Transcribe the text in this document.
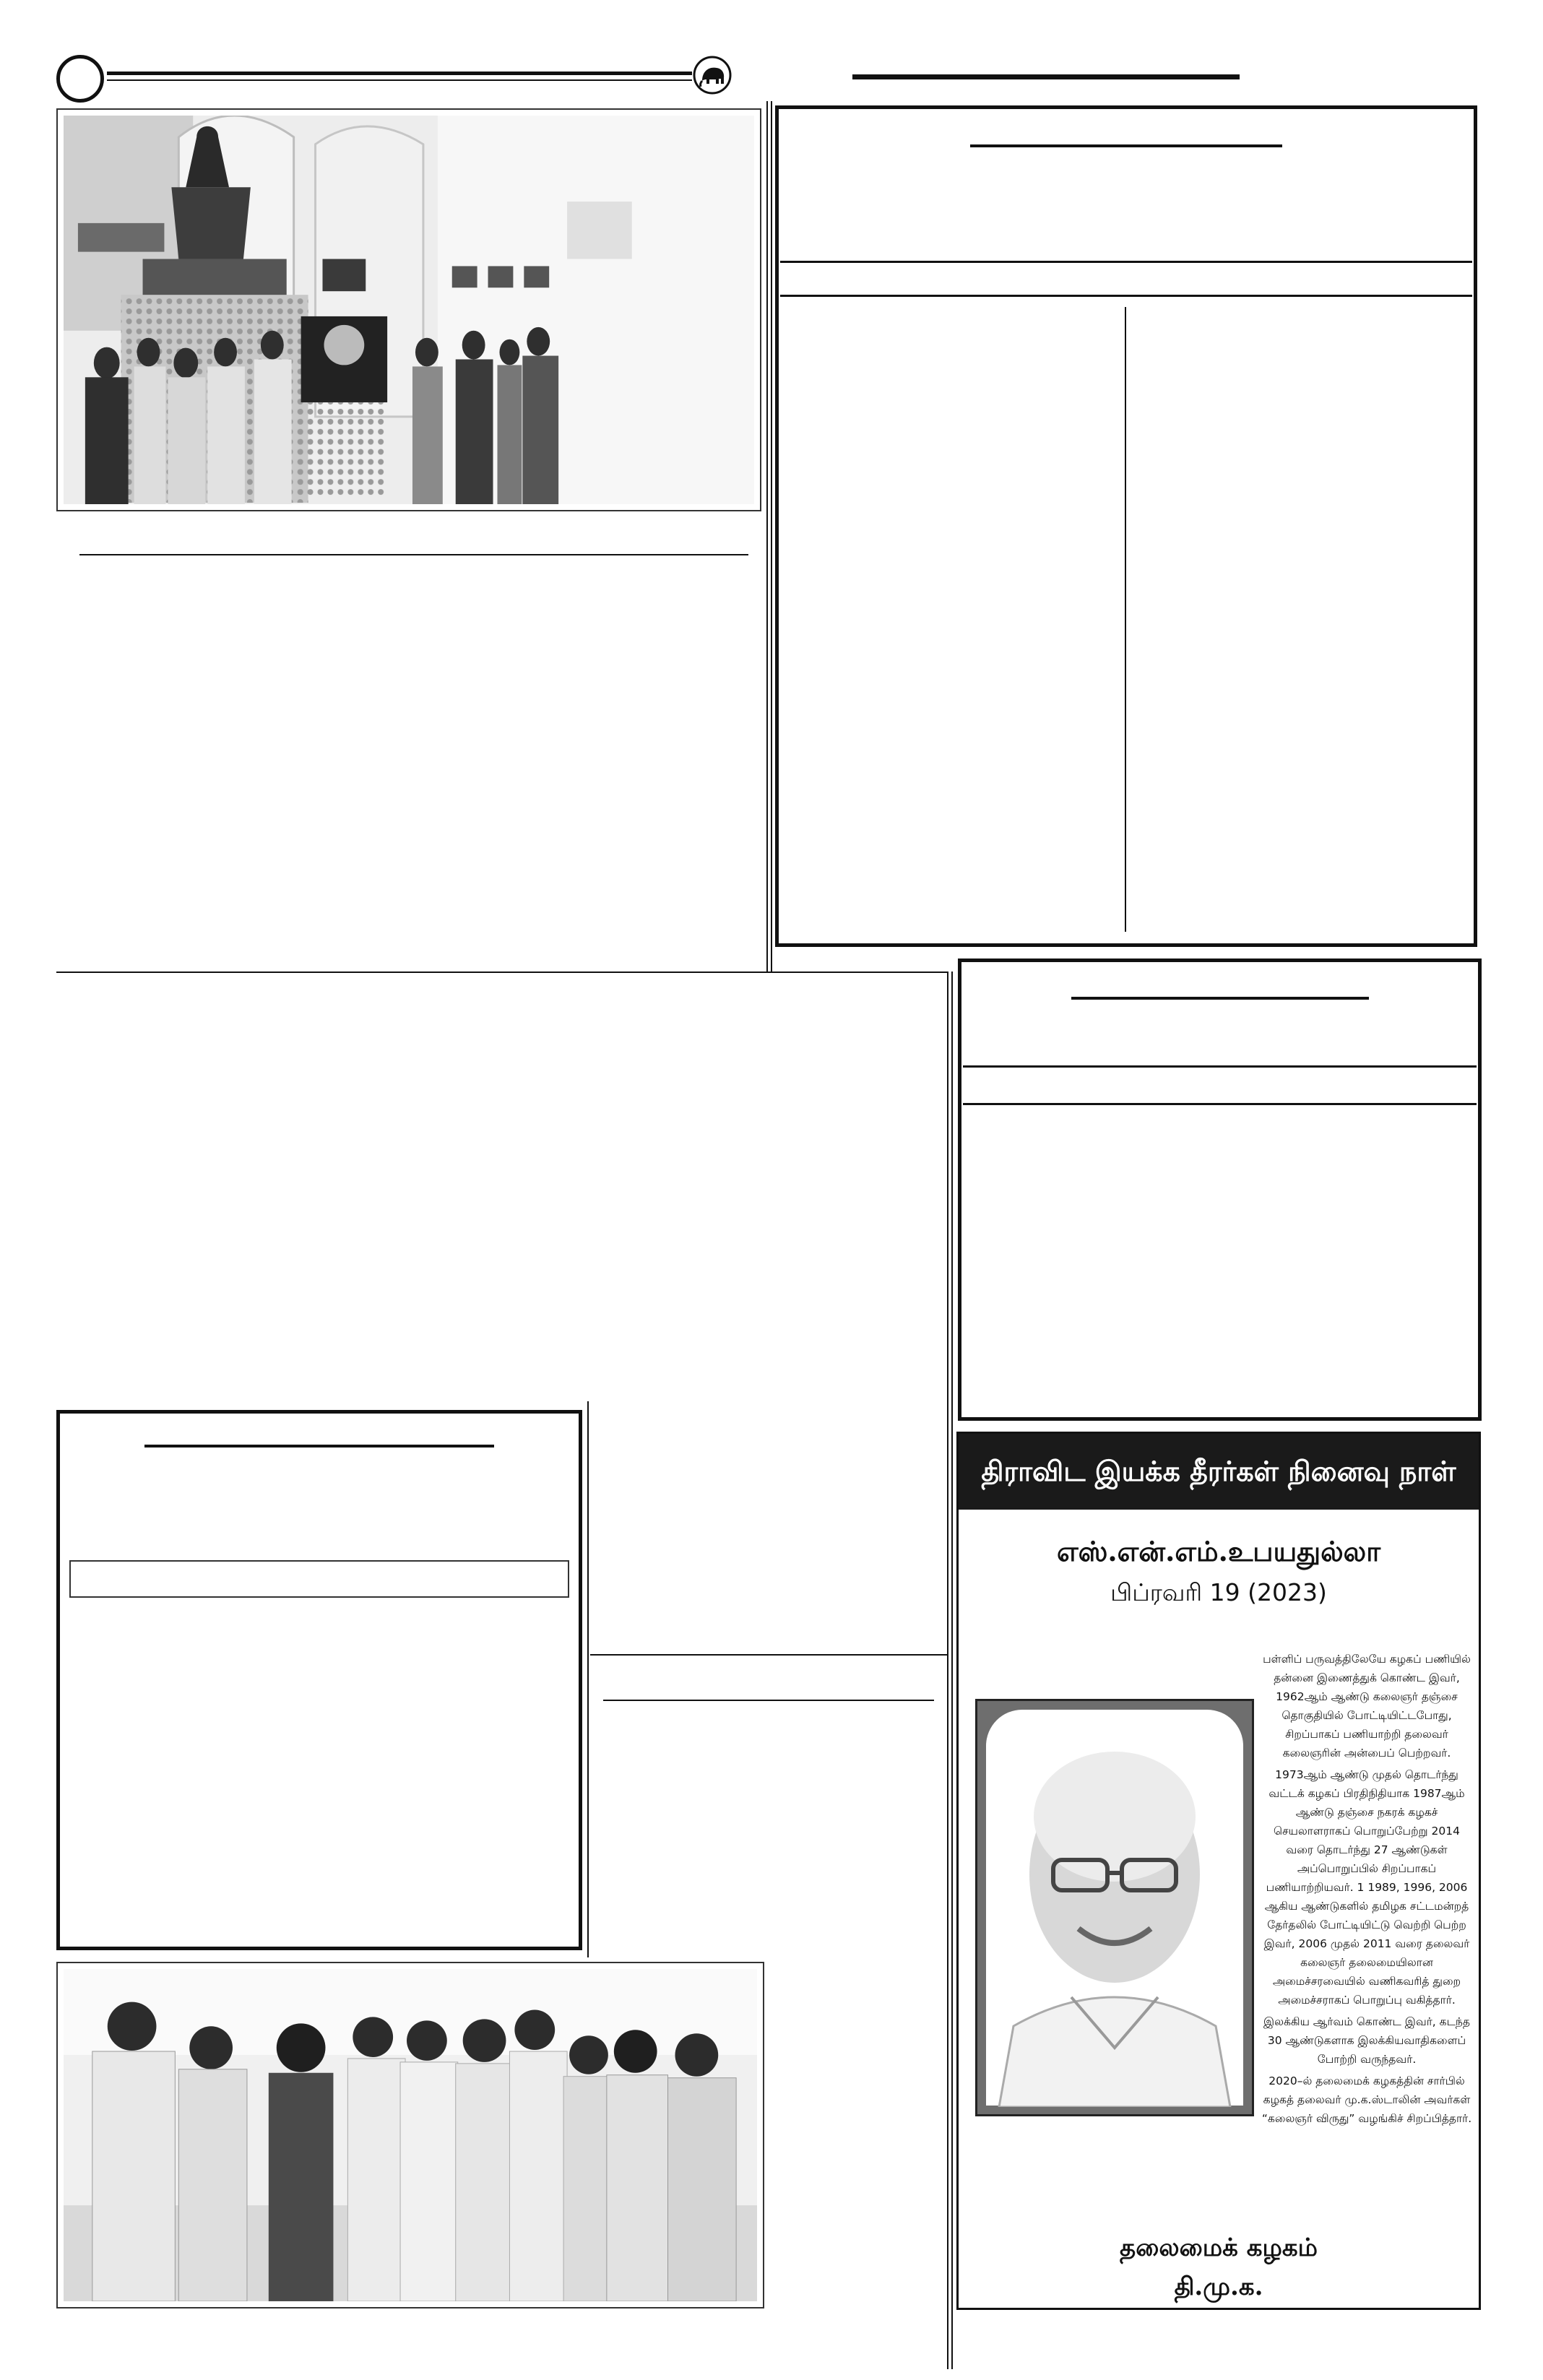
திராவிட இயக்க தீரர்கள் நினைவு நாள்
எஸ்.என்.எம்.உபயதுல்லா
பிப்ரவரி 19 (2023)

பள்ளிப் பருவத்திலேயே கழகப் பணியில் தன்னை இணைத்துக் கொண்ட இவர், 1962ஆம் ஆண்டு கலைஞர் தஞ்சை தொகுதியில் போட்டியிட்டபோது, சிறப்பாகப் பணியாற்றி தலைவர் கலைஞரின் அன்பைப் பெற்றவர்.

1973ஆம் ஆண்டு முதல் தொடர்ந்து வட்டக் கழகப் பிரதிநிதியாக 1987ஆம் ஆண்டு தஞ்சை நகரக் கழகச் செயலாளராகப் பொறுப்பேற்று 2014 வரை தொடர்ந்து 27 ஆண்டுகள் அப்பொறுப்பில் சிறப்பாகப் பணியாற்றியவர். 1 1989, 1996, 2006 ஆகிய ஆண்டுகளில் தமிழக சட்டமன்றத் தேர்தலில் போட்டியிட்டு வெற்றி பெற்ற இவர், 2006 முதல் 2011 வரை தலைவர் கலைஞர் தலைமையிலான அமைச்சரவையில் வணிகவரித் துறை அமைச்சராகப் பொறுப்பு வகித்தார்.

இலக்கிய ஆர்வம் கொண்ட இவர், கடந்த 30 ஆண்டுகளாக இலக்கியவாதிகளைப் போற்றி வருந்தவர்.

2020–ல் தலைமைக் கழகத்தின் சார்பில் கழகத் தலைவர் மு.க.ஸ்டாலின் அவர்கள் “கலைஞர் விருது” வழங்கிச் சிறப்பித்தார்.

தலைமைக் கழகம்
தி.மு.க.
